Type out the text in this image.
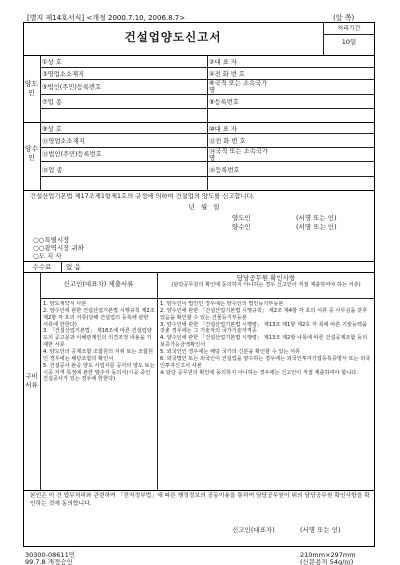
[별지 제14호서식] <개정 2000.7.10, 2006.8.7>	(앞 쪽)
건설업양도신고서
처리기간
10일
양도인
양수인
①상 호	②대 표 자
③영업소소재지	④전 화 번 호
⑤법인(주민)등록번호	⑥국적 또는 소속국가명
⑦업 종	⑧등록번호
⑨상 호	⑩대 표 자
⑪영업소소재지	⑫전 화 번 호
⑬법인(주민)등록번호	⑭국적 또는 소속국가명
⑮업 종	⑯등록번호
건설산업기본법 제17조제1항제1호의 규정에 의하여 건설업의 양도를 신고합니다.
년 월 일
양도인	(서명 또는 인)
양수인	(서명 또는 인)
○○특별시장
○○광역시장 귀하
○도 지 사
수수료	없 음
구비서류
신고인(대표자) 제출서류
담당공무원 확인사항
(담당공무원의 확인에 동의하지 아니하는 경우 신고인이 직접 제출하여야 하는 서류)
1. 양도계약서 사본
2. 양수인에 관한 건설산업기본법 시행규칙 제2조제2항 각 호의 서류(당해 건설업의 등록에 관한 서류에 한한다)
3. 「건설산업기본법」 제18조에 따른 건설업양도의 공고문과 이해관계인의 의견조정 내용을 기재한 서류
4. 양도인의 공제조합 조합원의 지위 또는 조합원인 경우에는 해당조합의 확인서
5. 건설공사 완공 양도 사업자를 공사의 양도 또는 시공 자격 특정에 관한 발주자 동의서(시공 중인 건설공사가 있는 경우에 한한다)
1. 양수인이 법인인 경우에는 양수인의 법인등기부등본
2. 양수인에 관한 「건설산업기본법 시행규칙」 제2조 제4항 각 호의 서류 중 사무실을 갖추었음을 확인할 수 있는 건물등기부등본
3. 양수인에 관한 「건설산업기본법 시행령」 제13조 제1항 제2호 각 목에 따른 기술능력을 갖춘 경우에는 그 기술자의 국가기술자격증
4. 양수인에 관한 「건설산업기본법 시행령」 제13조 제2항 나목에 따른 건설공제조합 등의 보증가능금액확인서
5. 외국인인 경우에는 해당 국가의 신분을 확인할 수 있는 서류
6. 외국법인 또는 외국인이 건설업을 양수하는 경우에는 외국인투자기업등록증명서 또는 외국인투자신고서 사본
※ 담당 공무원의 확인에 동의하지 아니하는 경우에는 신고인이 직접 제출하여야 합니다.
본인은 이 건 업무처리와 관련하여 「전자정부법」에 따른 행정정보의 공동이용을 통하여 담당공무원이 위의 담당공무원 확인사항을 확인하는 것에 동의합니다.
신고인(대표자)	(서명 또는 인)
30300-08611민
99.7.8 개정승인
210mm×297mm
(신문용지 54g/㎡)
